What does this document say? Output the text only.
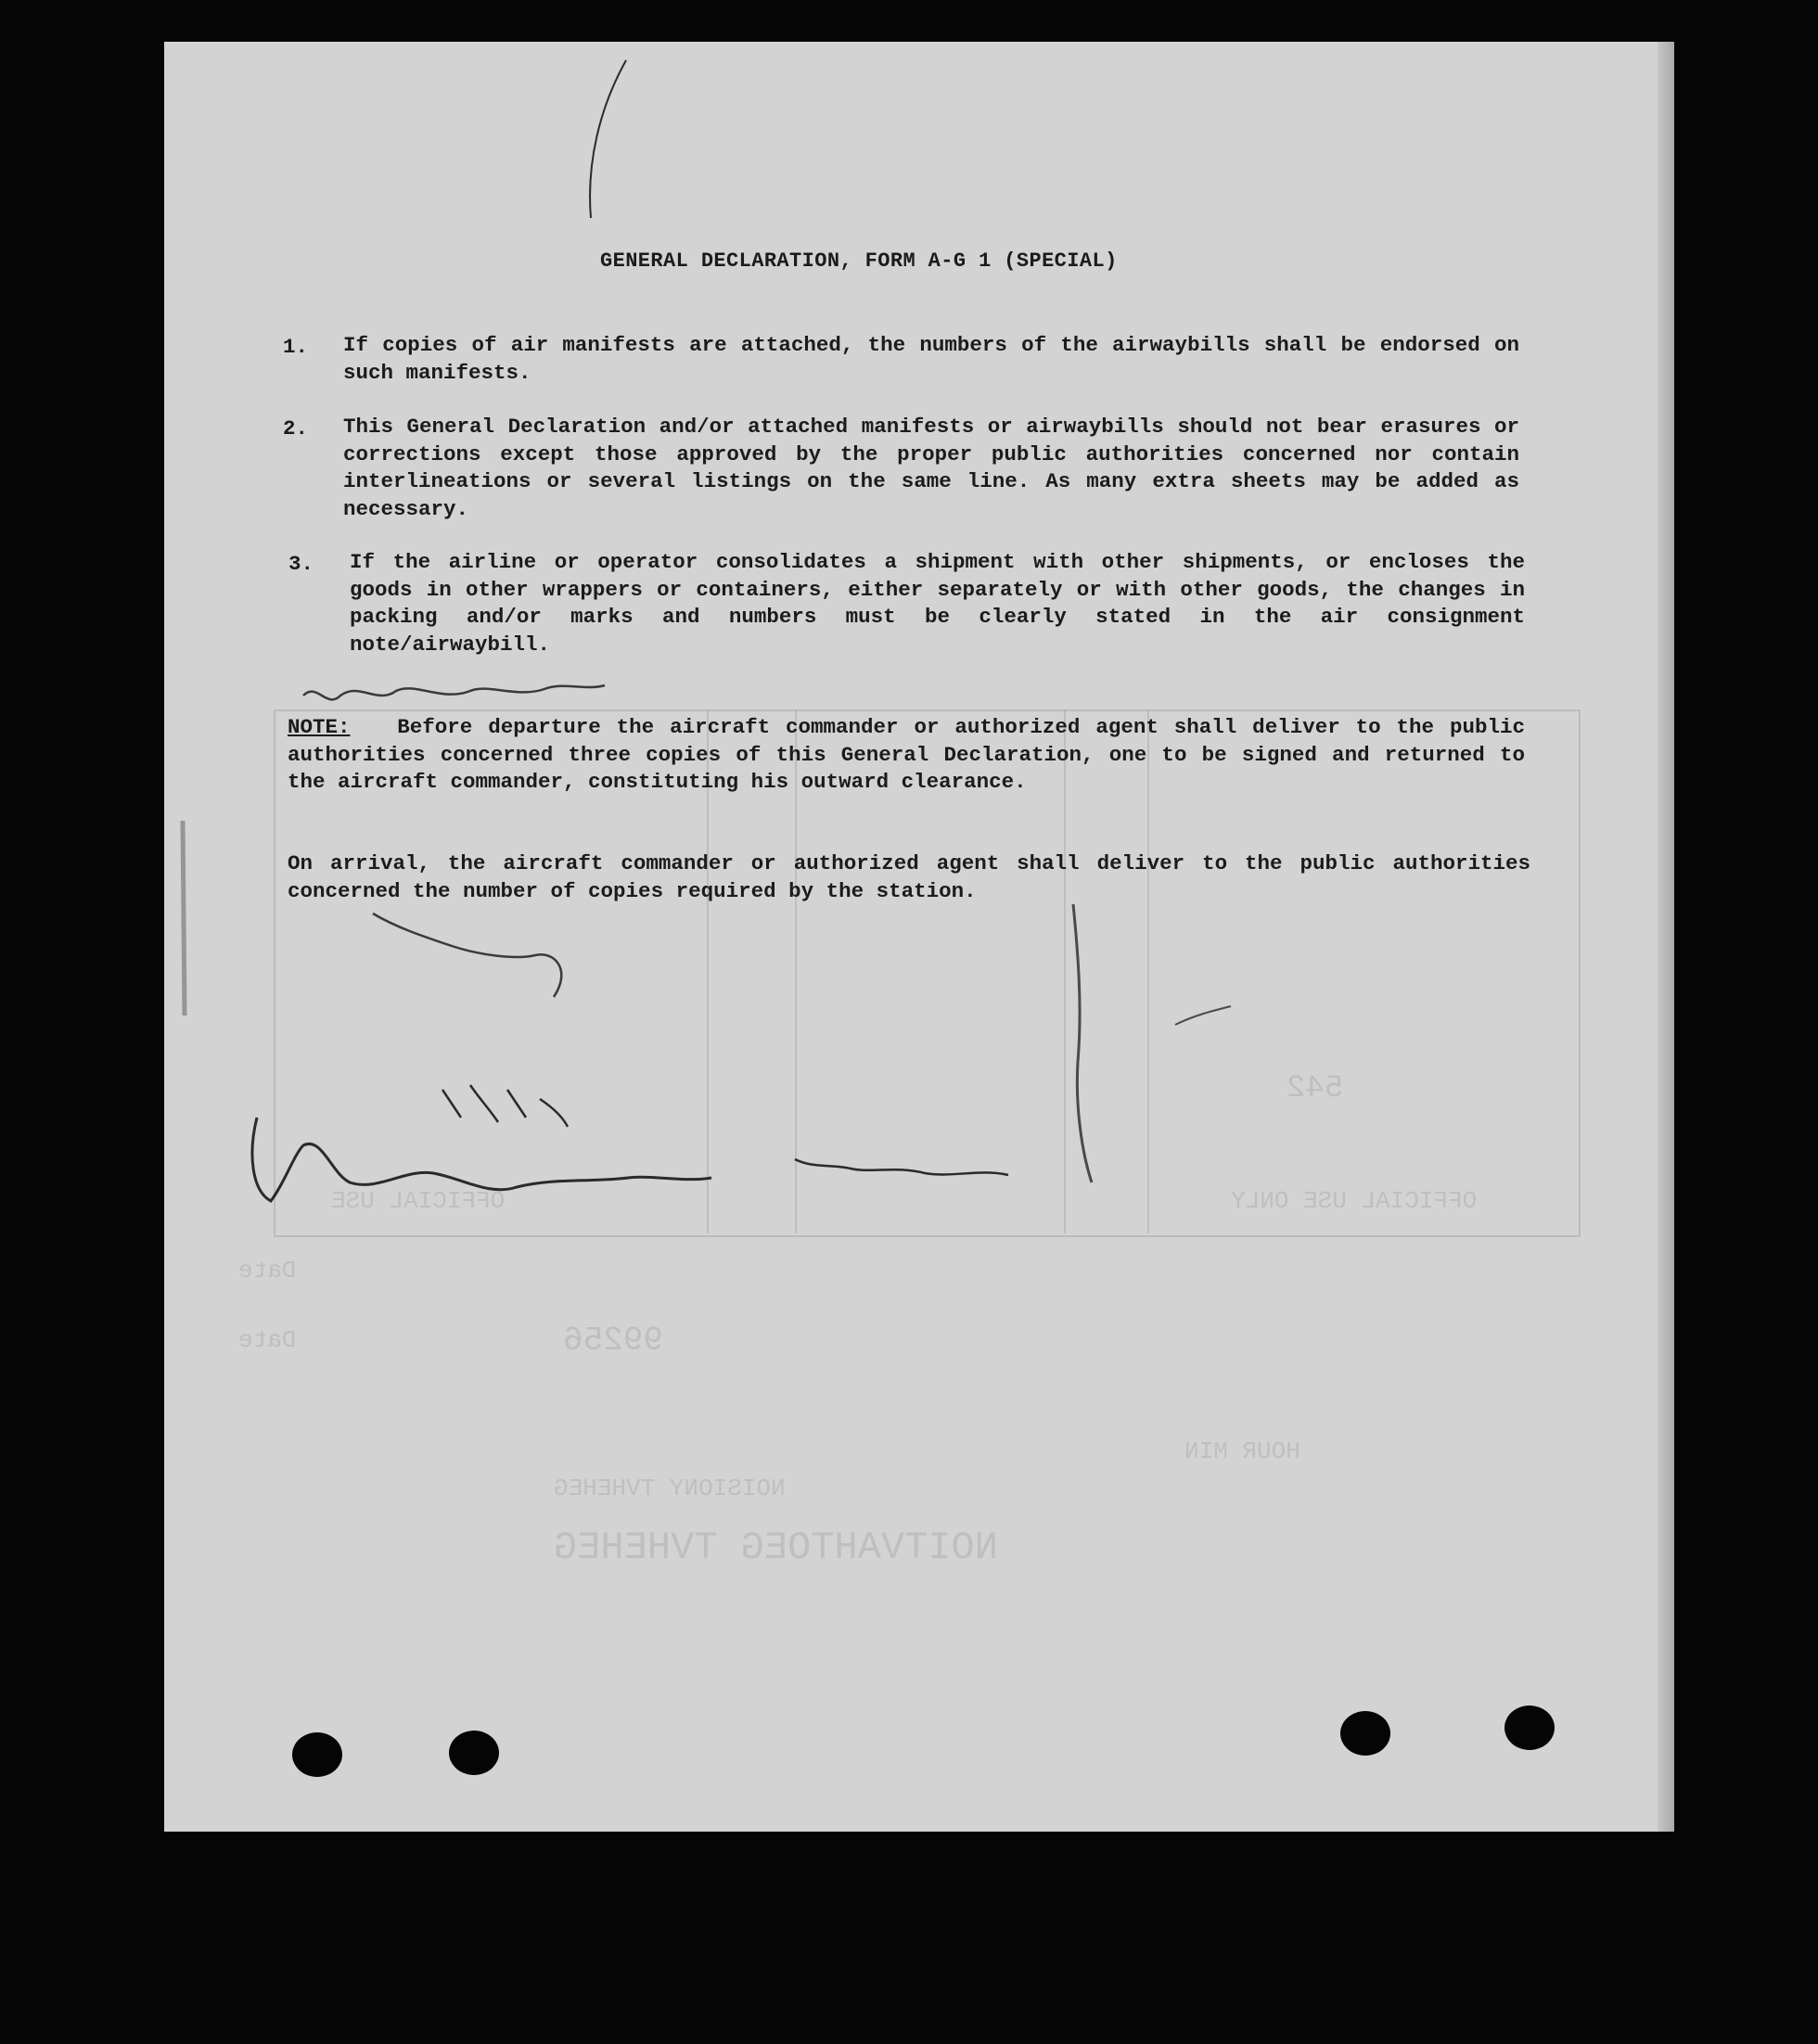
NOITVAHTOEG TVHEHEG
NOISIONY TVHEHEG
99256
542
OFFICIAL USE ONLY
OFFICIAL USE
Date
Date
HOUR MIN
GENERAL DECLARATION, FORM A-G 1 (SPECIAL)
1. If copies of air manifests are attached, the numbers of the airwaybills shall be endorsed on such manifests.
2. This General Declaration and/or attached manifests or airwaybills should not bear erasures or corrections except those approved by the proper public authorities concerned nor contain interlineations or several listings on the same line. As many extra sheets may be added as necessary.
3. If the airline or operator consolidates a shipment with other shipments, or encloses the goods in other wrappers or containers, either separately or with other goods, the changes in packing and/or marks and numbers must be clearly stated in the air consignment note/airwaybill.
NOTE: Before departure the aircraft commander or authorized agent shall deliver to the public authorities concerned three copies of this General Declaration, one to be signed and returned to the aircraft commander, constituting his outward clearance.
On arrival, the aircraft commander or authorized agent shall deliver to the public authorities concerned the number of copies required by the station.
